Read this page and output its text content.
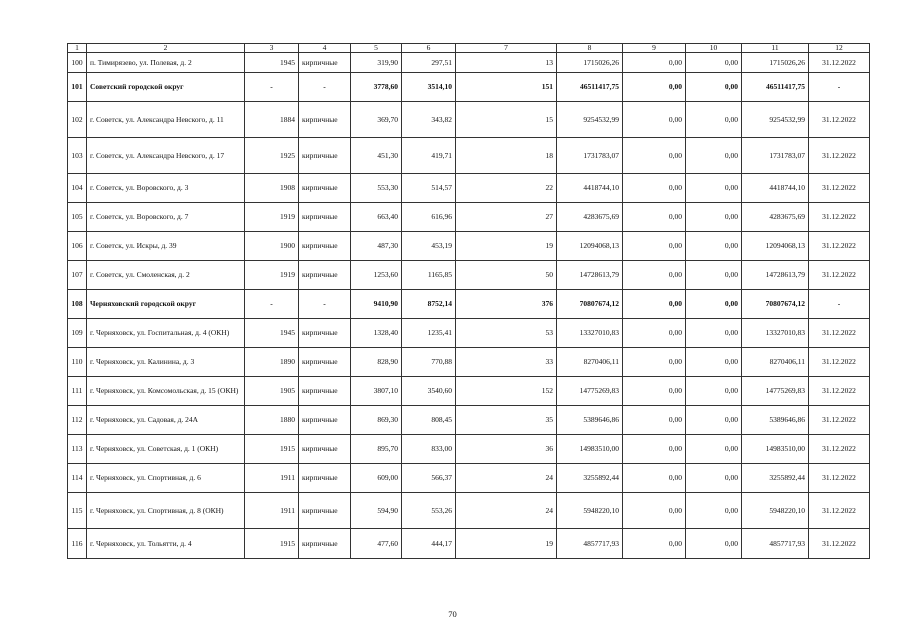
1	2	3	4	5	6	7	8	9	10	11	12
100	п. Тимирязево, ул. Полевая, д. 2	1945	кирпичные	319,90	297,51	13	1715026,26	0,00	0,00	1715026,26	31.12.2022
101	Советский городской округ	-	-	3778,60	3514,10	151	46511417,75	0,00	0,00	46511417,75	-
102	г. Советск, ул. Александра Невского, д. 11	1884	кирпичные	369,70	343,82	15	9254532,99	0,00	0,00	9254532,99	31.12.2022
103	г. Советск, ул. Александра Невского, д. 17	1925	кирпичные	451,30	419,71	18	1731783,07	0,00	0,00	1731783,07	31.12.2022
104	г. Советск, ул. Воровского, д. 3	1908	кирпичные	553,30	514,57	22	4418744,10	0,00	0,00	4418744,10	31.12.2022
105	г. Советск, ул. Воровского, д. 7	1919	кирпичные	663,40	616,96	27	4283675,69	0,00	0,00	4283675,69	31.12.2022
106	г. Советск, ул. Искры, д. 39	1900	кирпичные	487,30	453,19	19	12094068,13	0,00	0,00	12094068,13	31.12.2022
107	г. Советск, ул. Смоленская, д. 2	1919	кирпичные	1253,60	1165,85	50	14728613,79	0,00	0,00	14728613,79	31.12.2022
108	Черняховский городской округ	-	-	9410,90	8752,14	376	70807674,12	0,00	0,00	70807674,12	-
109	г. Черняховск, ул. Госпитальная, д. 4 (ОКН)	1945	кирпичные	1328,40	1235,41	53	13327010,83	0,00	0,00	13327010,83	31.12.2022
110	г. Черняховск, ул. Калинина, д. 3	1890	кирпичные	828,90	770,88	33	8270406,11	0,00	0,00	8270406,11	31.12.2022
111	г. Черняховск, ул. Комсомольская, д. 15 (ОКН)	1905	кирпичные	3807,10	3540,60	152	14775269,83	0,00	0,00	14775269,83	31.12.2022
112	г. Черняховск, ул. Садовая, д. 24А	1880	кирпичные	869,30	808,45	35	5389646,86	0,00	0,00	5389646,86	31.12.2022
113	г. Черняховск, ул. Советская, д. 1 (ОКН)	1915	кирпичные	895,70	833,00	36	14983510,00	0,00	0,00	14983510,00	31.12.2022
114	г. Черняховск, ул. Спортивная, д. 6	1911	кирпичные	609,00	566,37	24	3255892,44	0,00	0,00	3255892,44	31.12.2022
115	г. Черняховск, ул. Спортивная, д. 8 (ОКН)	1911	кирпичные	594,90	553,26	24	5948220,10	0,00	0,00	5948220,10	31.12.2022
116	г. Черняховск, ул. Тольятти, д. 4	1915	кирпичные	477,60	444,17	19	4857717,93	0,00	0,00	4857717,93	31.12.2022
70
